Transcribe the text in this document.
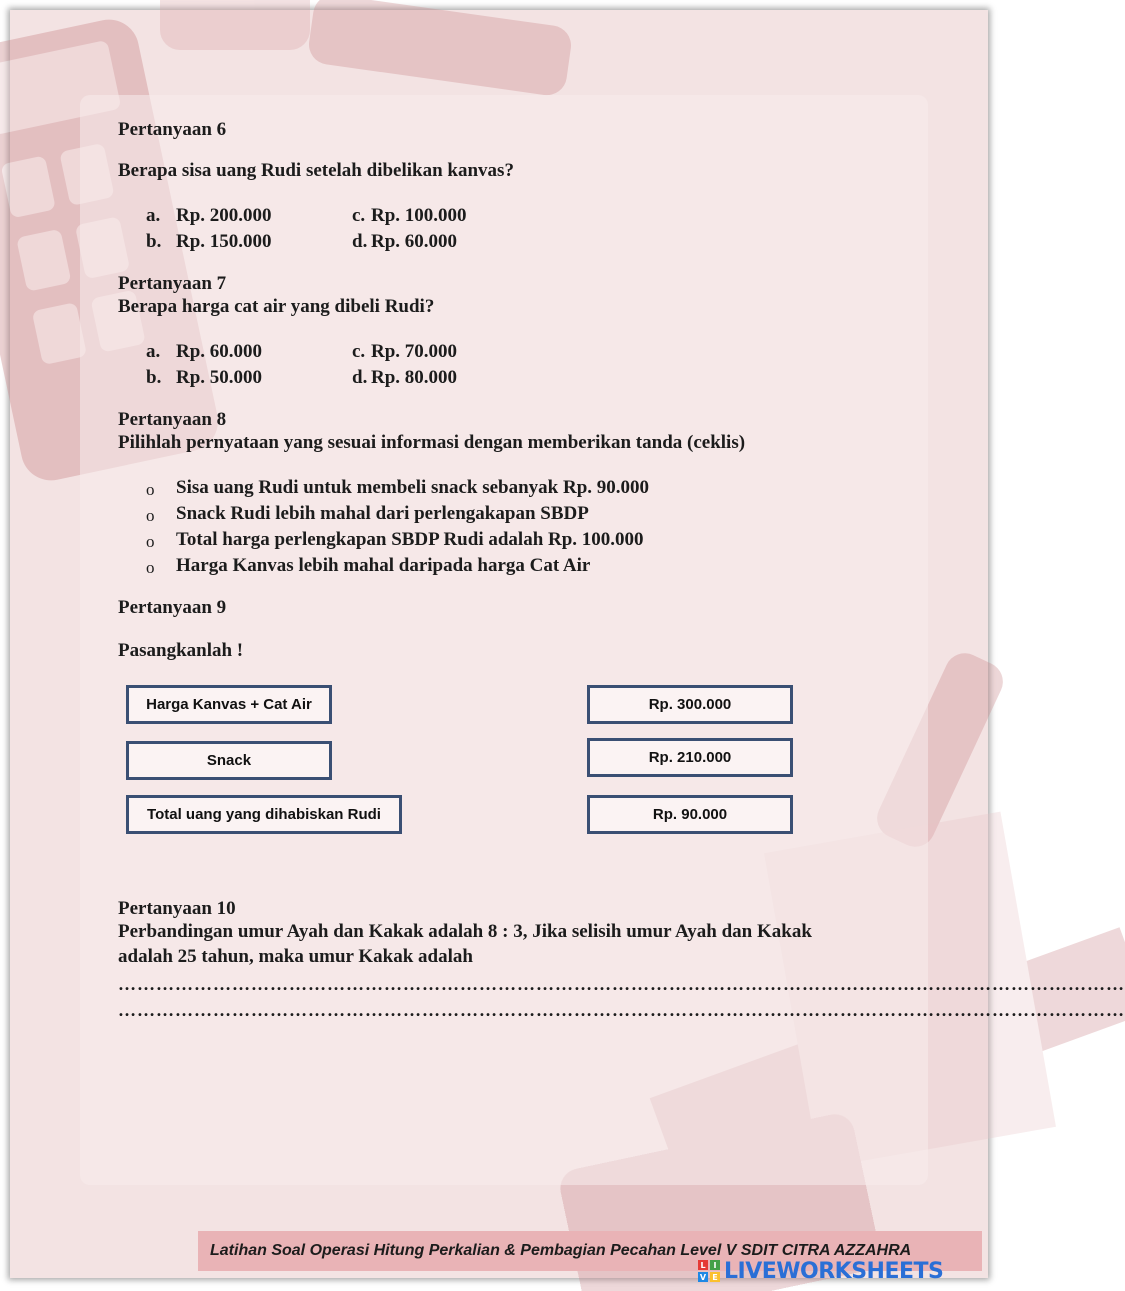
Pertanyaan 6
Berapa sisa uang Rudi setelah dibelikan kanvas?
a. Rp. 200.000	c. Rp. 100.000
b. Rp. 150.000	d. Rp. 60.000
Pertanyaan 7
Berapa harga cat air yang dibeli Rudi?
a. Rp. 60.000	c. Rp. 70.000
b. Rp. 50.000	d. Rp. 80.000
Pertanyaan 8
Pilihlah pernyataan yang sesuai informasi dengan memberikan tanda (ceklis)
o Sisa uang Rudi untuk membeli snack sebanyak Rp. 90.000
o Snack Rudi lebih mahal dari perlengakapan SBDP
o Total harga perlengkapan SBDP Rudi adalah Rp. 100.000
o Harga Kanvas lebih mahal daripada harga Cat Air
Pertanyaan 9
Pasangkanlah !
Harga Kanvas + Cat Air
Snack
Total uang yang dihabiskan Rudi
Rp. 300.000
Rp. 210.000
Rp. 90.000
Pertanyaan 10
Perbandingan umur Ayah dan Kakak adalah 8 : 3, Jika selisih umur Ayah dan Kakak
adalah 25 tahun, maka umur Kakak adalah
……………………………………………………………………………………………………………………………………………
……………………………………………………………………………………………………………………………………………
Latihan Soal Operasi Hitung Perkalian & Pembagian Pecahan Level V SDIT CITRA AZZAHRA
L I
V E LIVEWORKSHEETS
